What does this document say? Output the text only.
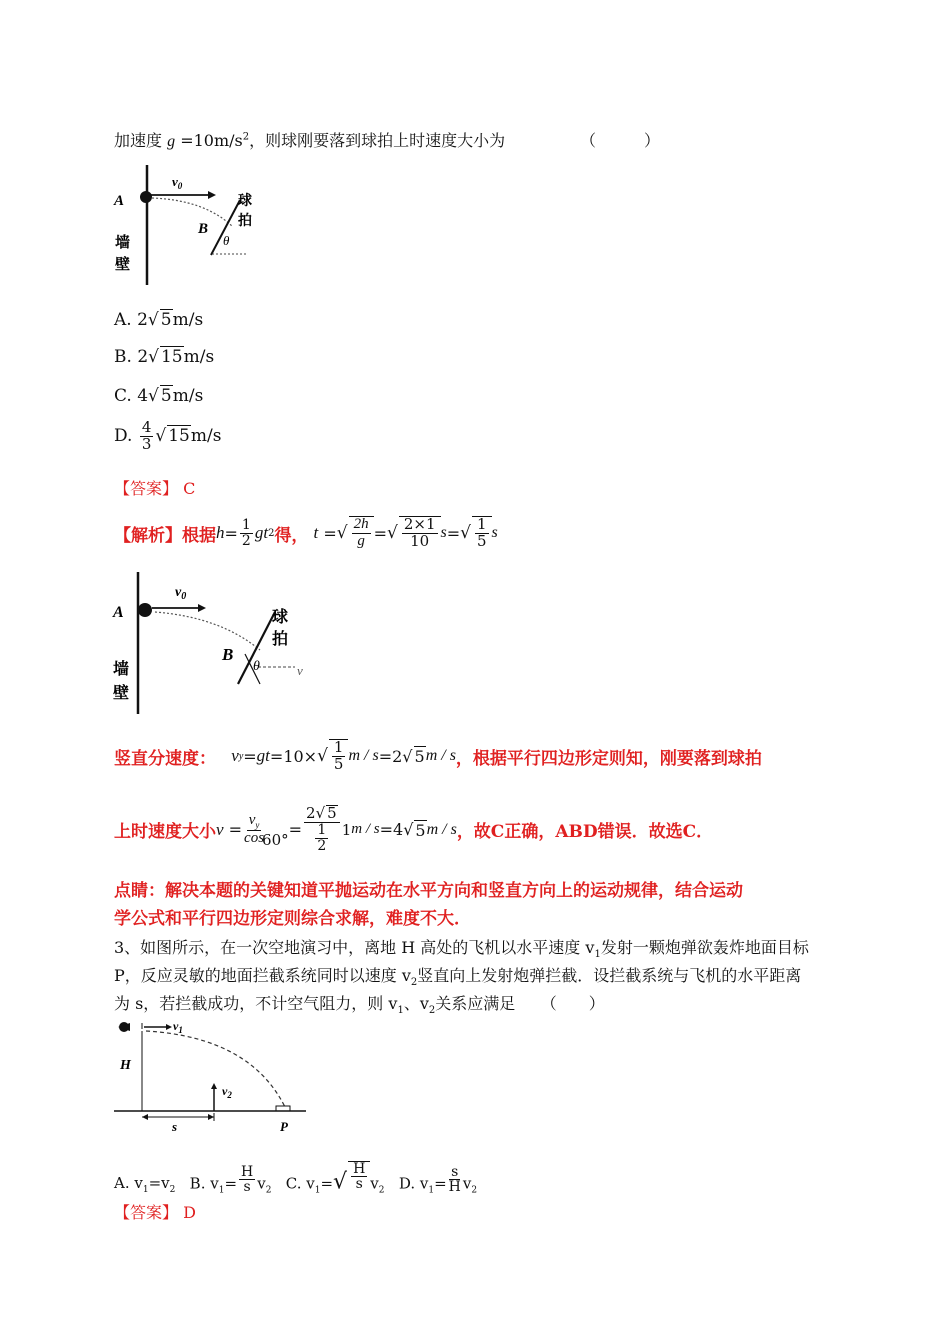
加速度 $g =10m/s^2$，则球刚要落到球拍上时速度大小为	（　　　）
A
$v_0$
B
θ
球
拍
墙
壁
A. 2√ 5m/s
B. 2√ 15m/s
C. 4√ 5m/s
D. $\frac{4}{3}$ √ 15m/s
【答案】 C
【解析】 根据 $h = \frac{1}{2}$ gt 2 得，
t = √ $\frac{2h}{g}$ = √ $\frac{2\times 1}{10}$ s = √ $\frac{1}{5}$ s
A
$v_0$
B
θ	v
球
拍
墙
壁
竖直分速度：
v y = gt =10× √ $\frac{1}{5}$ m / s =2 √ 5 m / s ，根据平行四边形定则知，刚要落到球拍
上时速度大小 $v = \frac{v_y}{\cos}$
60°
= $\frac{2√ 5}{\frac{1}{2}} 1$ m / s =4 √ 5 m / s ，故C正确，ABD错误．故选C．
点睛：解决本题的关键知道平抛运动在水平方向和竖直方向上的运动规律，结合运动
学公式和平行四边形定则综合求解，难度不大．
3、如图所示，在一次空地演习中，离地 H 高处的飞机以水平速度 $v_1$发射一颗炮弹欲轰炸地面目标
P，反应灵敏的地面拦截系统同时以速度 $v_2$竖直向上发射炮弹拦截．设拦截系统与飞机的水平距离
为 s，若拦截成功，不计空气阻力，则 $v_1$、$v_2$关系应满足 （　　）
$v_1$
H
$v_2$
s	P
A. $v_1=v_2$
B. $v_1= \frac{H}{s} v_2$
C. $v_1=√ \frac{H}{s} v_2$
D. $v_1= \frac{s}{H} v_2$
【答案】 D
